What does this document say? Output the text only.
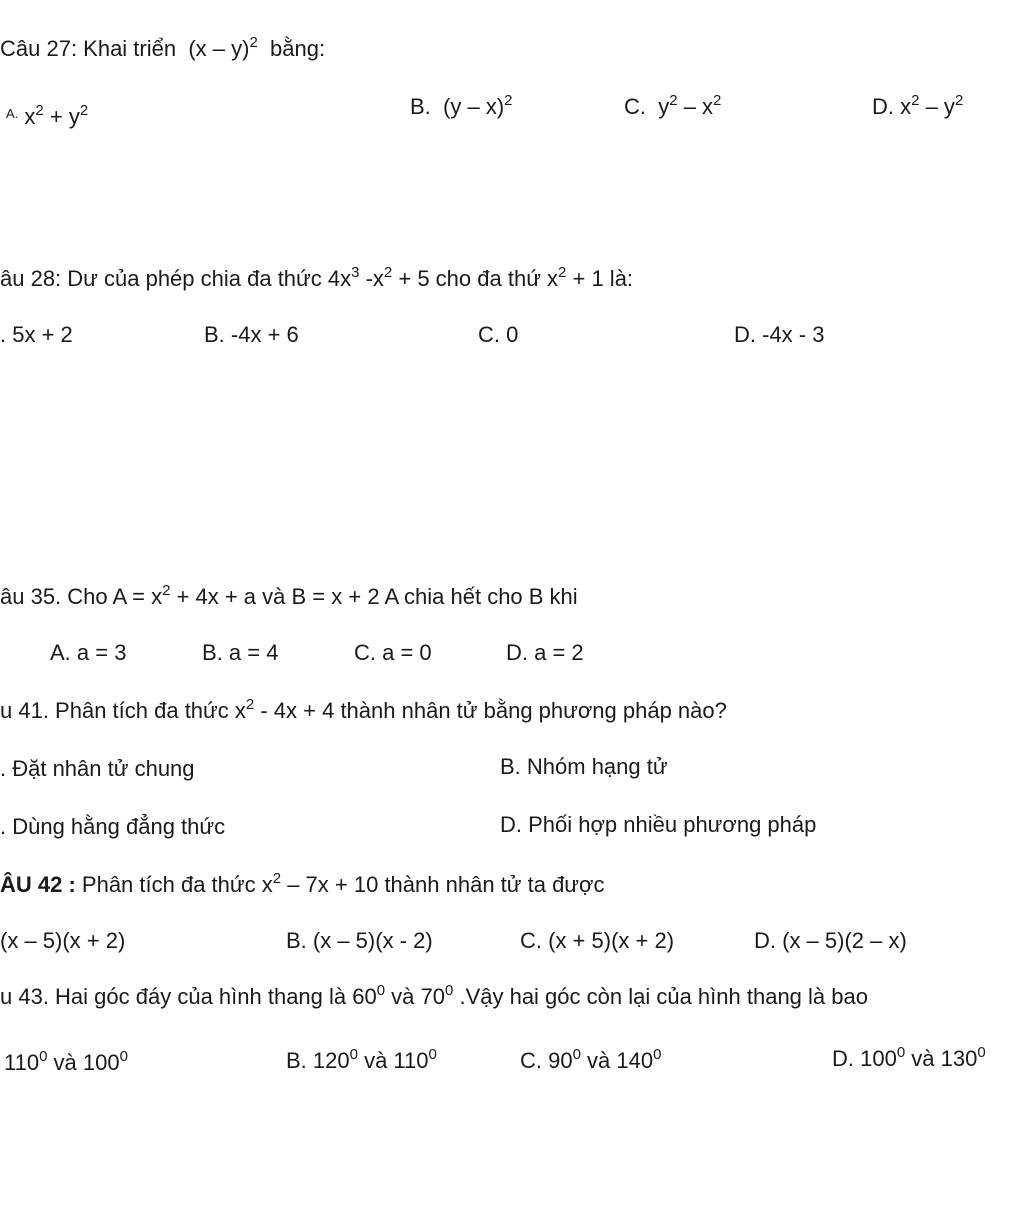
Câu 27: Khai triển (x – y)$^2$ bằng:
$^{A.}$ $x^2 + y^2$	B. (y – x)$^2$	C. $y^2 - x^2$	D. $x^2 - y^2$
âu 28: Dư của phép chia đa thức $4x^3$ $-x^2 + 5$ cho đa thứ $x^2 + 1$ là:
. 5x + 2	B. -4x + 6	C. 0	D. -4x - 3
âu 35. Cho $A = x^2 + 4x + a$ và B = x + 2 A chia hết cho B khi
A. a = 3	B. a = 4	C. a = 0	D. a = 2
u 41. Phân tích đa thức $x^2 - 4x + 4$ thành nhân tử bằng phương pháp nào?
. Đặt nhân tử chung	B. Nhóm hạng tử
. Dùng hằng đẳng thức	D. Phối hợp nhiều phương pháp
ÂU 42 : Phân tích đa thức $x^2 - 7x + 10$ thành nhân tử ta được
(x – 5)(x + 2)	B. (x – 5)(x - 2)	C. (x + 5)(x + 2)	D. (x – 5)(2 – x)
u 43. Hai góc đáy của hình thang là $60^0$ và $70^0$ .Vậy hai góc còn lại của hình thang là bao
$110^0$ và $100^0$	B. $120^0$ và $110^0$	C. $90^0$ và $140^0$	D. $100^0$ và $130^0$
